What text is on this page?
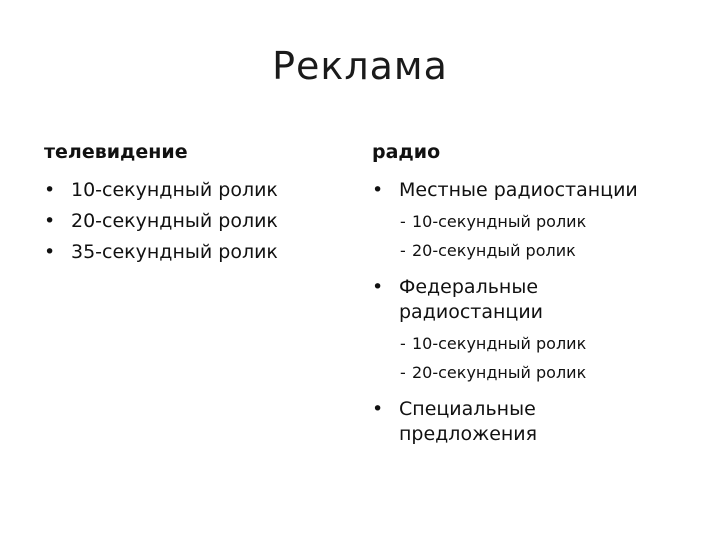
Реклама
телевидение
• 10-секундный ролик
• 20-секундный ролик
• 35-секундный ролик
радио
• Местные радиостанции
- 10-секундный ролик
- 20-секундый ролик
• Федеральные
радиостанции
- 10-секундный ролик
- 20-секундный ролик
• Специальные
предложения
